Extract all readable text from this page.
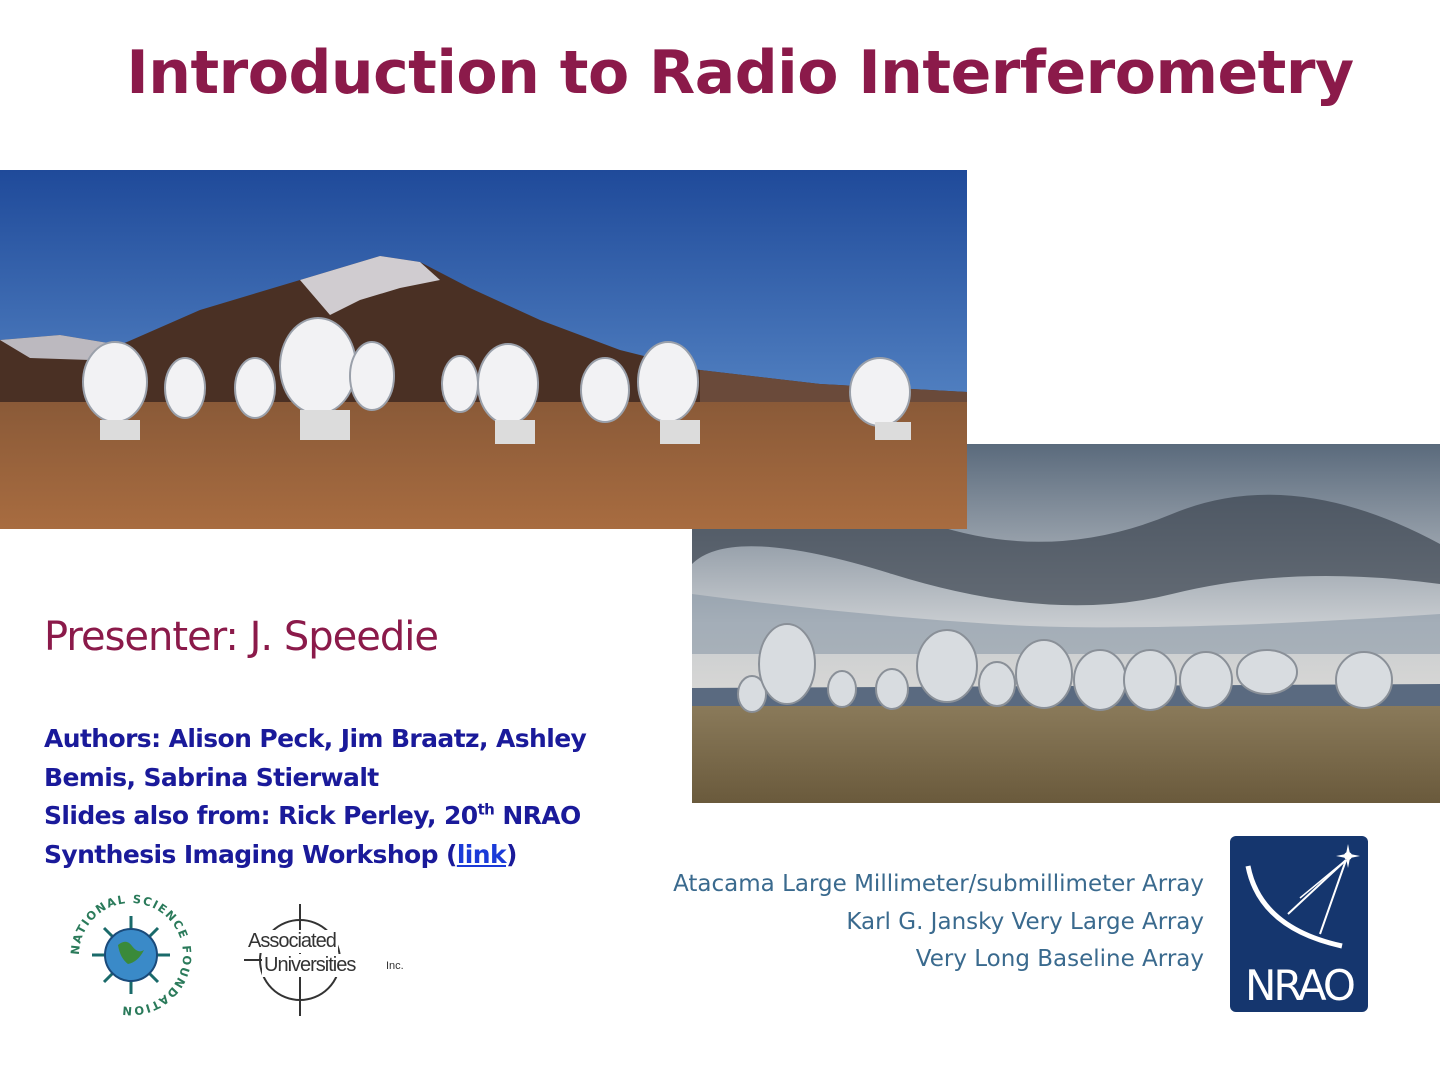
Introduction to Radio Interferometry

Presenter: J. Speedie

Authors: Alison Peck, Jim Braatz, Ashley
Bemis, Sabrina Stierwalt
Slides also from: Rick Perley, 20th NRAO
Synthesis Imaging Workshop (link)
Atacama Large Millimeter/submillimeter Array
Karl G. Jansky Very Large Array
Very Long Baseline Array
NATIONAL SCIENCE FOUNDATION
Associated
Universities	Inc.	NRAO
